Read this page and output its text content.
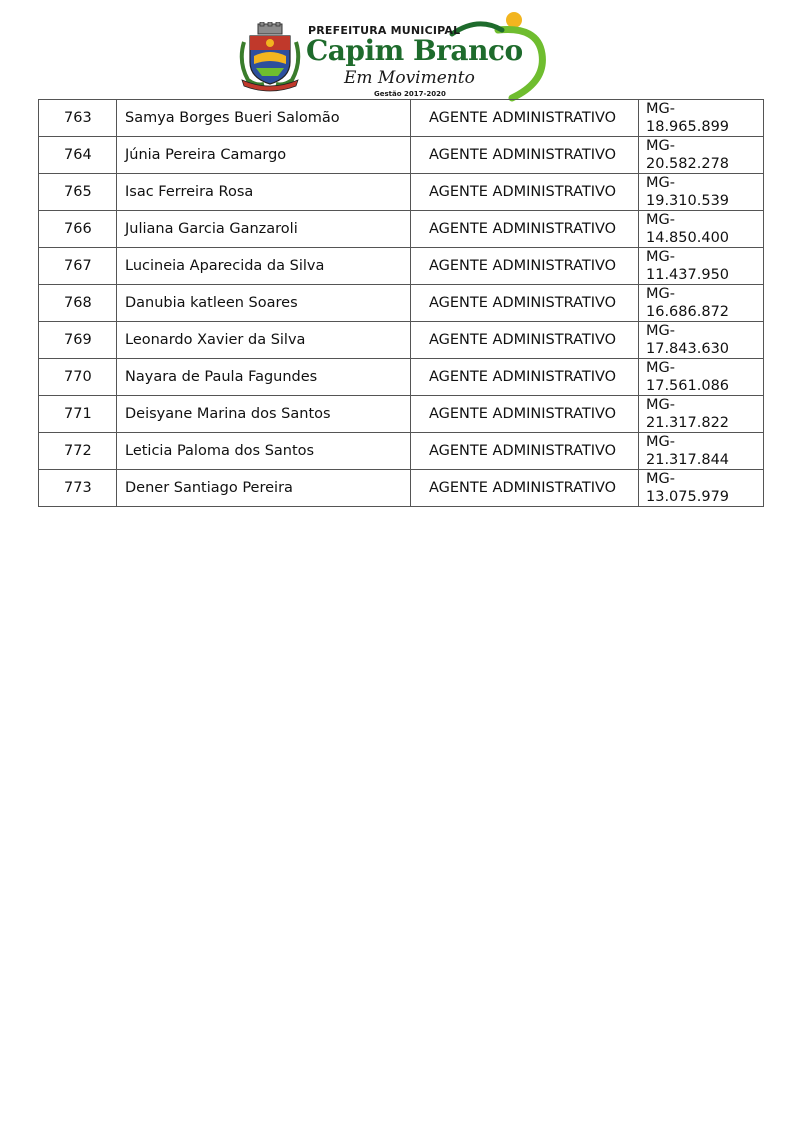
PREFEITURA MUNICIPAL
Capim Branco
Em Movimento
Gestão 2017-2020
763	Samya Borges Bueri Salomão	AGENTE ADMINISTRATIVO	MG-
18.965.899

764	Júnia Pereira Camargo	AGENTE ADMINISTRATIVO	MG-
20.582.278

765	Isac Ferreira Rosa	AGENTE ADMINISTRATIVO	MG-
19.310.539

766	Juliana Garcia Ganzaroli	AGENTE ADMINISTRATIVO	MG-
14.850.400

767	Lucineia Aparecida da Silva	AGENTE ADMINISTRATIVO	MG-
11.437.950

768	Danubia katleen Soares	AGENTE ADMINISTRATIVO	MG-
16.686.872

769	Leonardo Xavier da Silva	AGENTE ADMINISTRATIVO	MG-
17.843.630

770	Nayara de Paula Fagundes	AGENTE ADMINISTRATIVO	MG-
17.561.086

771	Deisyane Marina dos Santos	AGENTE ADMINISTRATIVO	MG-
21.317.822

772	Leticia Paloma dos Santos	AGENTE ADMINISTRATIVO	MG-
21.317.844

773	Dener Santiago Pereira	AGENTE ADMINISTRATIVO	MG-
13.075.979
